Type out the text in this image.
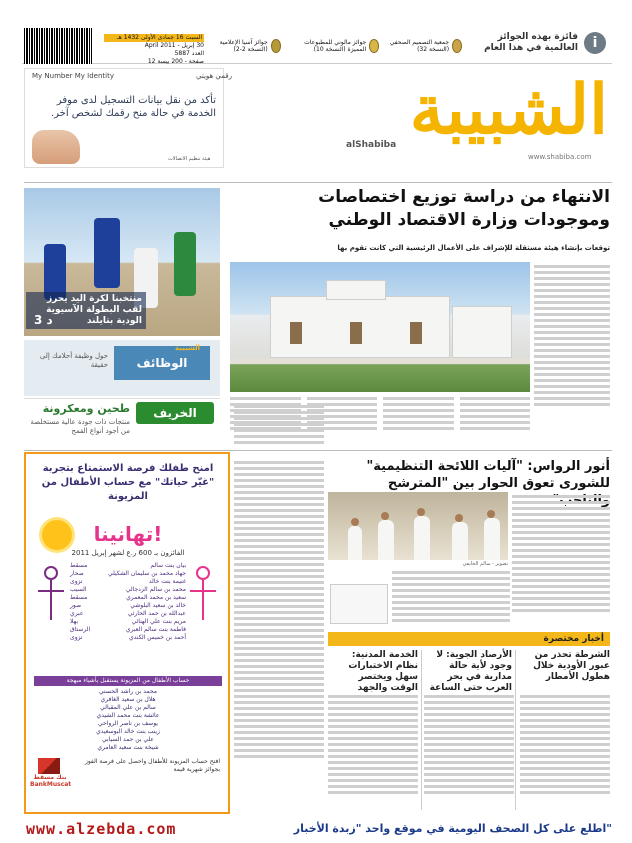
السبت 16 جمادى الأولى 1432 هـ
30 إبريل - April 2011
العدد 5887
12 صفحة - 200 بيسة
جمعية التصميم الصحفي (النسخة 32)
جوائز مالوني للمطبوعات المميزة (النسخة 10)
جوائز آسيا الإعلامية (النسخة 2-2)
فائزة بهذه الجوائز العالمية في هذا العام	i
الشبيبة
alShabiba
www.shabiba.com
My Number My Identity	رقمي هويتي
تأكد من نقل بيانات التسجيل لدى موفر الخدمة في حالة منح رقمك لشخص آخر.
هيئة تنظيم الاتصالات
الانتهاء من دراسة توزيع اختصاصات وموجودات وزارة الاقتصاد الوطني
توقعات بإنشاء هيئة مستقلة للإشراف على الأعمال الرئيسية التي كانت تقوم بها
منتخبنا لكرة اليد يحرز لقب البطولة الآسيوية الودية بتايلند
3 د
الوظائف
الشبيبة
حول وظيفة أحلامك إلى حقيقة
الخريف
طحين ومعكرونة
منتجات ذات جودة عالية مستخلصة من أجود أنواع القمح
أنور الرواس: "آليات اللائحة التنظيمية" للشورى تعوق الحوار بين "المترشح
تصوير - سالم الخايفي
أخبار مختصرة
الشرطة تحذر من عبور الأودية خلال هطول الأمطار
الأرصاد الجوية: لا وجود لأية حالة مدارية في بحر العرب حتى الساعة
الخدمة المدنية: نظام الاختبارات سهل ويختصر الوقت والجهد
امنح طفلك فرصة الاستمتاع بتجربة "غيّر حياتك" مع حساب الأطفال من المزيونة
تهانينا!
الفائزون بـ 600 ر.ع لشهر إبريل 2011
بيان بنت سالم
مسقط
جهاد محمد بن سليمان الشكيلي
صحار
غنيمة بنت خالد
نزوى
محمد بن سالم الزدجالي
السيب
سعيد بن محمد المعمري
مسقط
خالد بن سعيد البلوشي
صور
عبدالله بن حمد الحارثي
عبري
مريم بنت علي الهنائي
بهلا
فاطمة بنت سالم العبري
الرستاق
أحمد بن خميس الكندي
نزوى
حساب الأطفال من المزيونة يستقبل بأشياء مبهجة
محمد بن راشد الحسني
هلال بن سعيد الغافري
سالم بن علي المقبالي
عائشة بنت محمد الشيدي
يوسف بن ناصر الرواحي
زينب بنت خالد البوسعيدي
علي بن حمد السيابي
شيخة بنت سعيد العامري
افتح حساب المزيونة للأطفال واحصل على فرصة الفوز بجوائز شهرية قيمة
بنك مسقط BankMuscat
www.alzebda.com	اطلع على كل الصحف اليومية في موقع واحد "زبدة الأخبار"
